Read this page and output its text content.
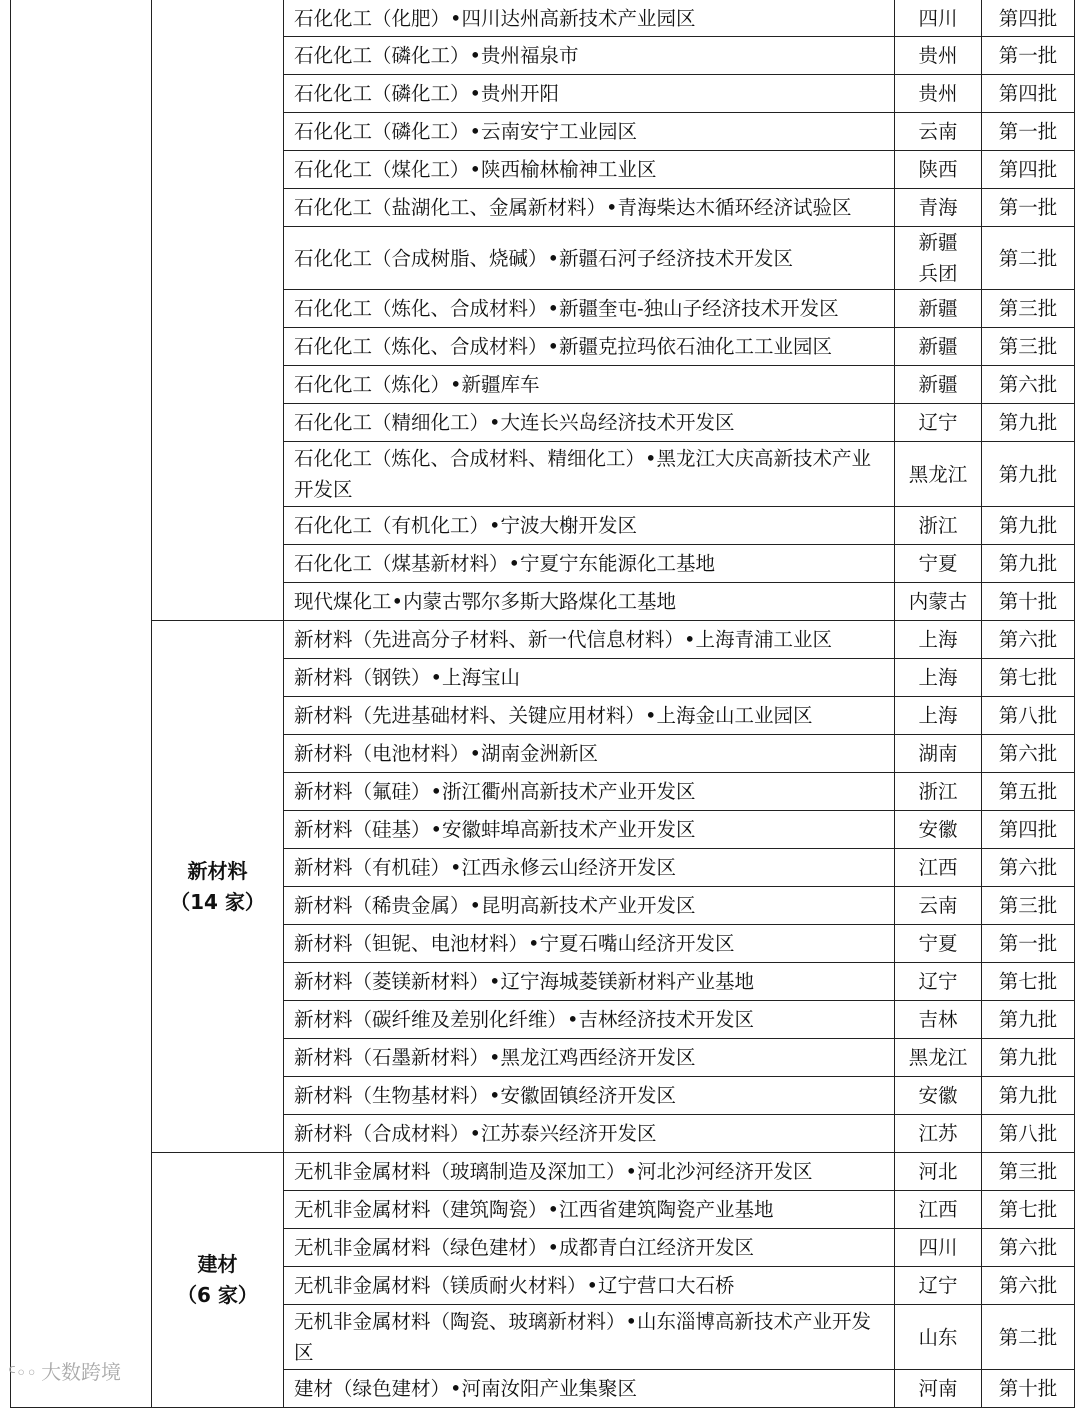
		石化化工（化肥）•四川达州高新技术产业园区	四川	第四批
		石化化工（磷化工）•贵州福泉市	贵州	第一批
		石化化工（磷化工）•贵州开阳	贵州	第四批
		石化化工（磷化工）•云南安宁工业园区	云南	第一批
		石化化工（煤化工）•陕西榆林榆神工业区	陕西	第四批
		石化化工（盐湖化工、金属新材料）•青海柴达木循环经济试验区	青海	第一批
		石化化工（合成树脂、烧碱）•新疆石河子经济技术开发区	新疆兵团	第二批
		石化化工（炼化、合成材料）•新疆奎屯-独山子经济技术开发区	新疆	第三批
		石化化工（炼化、合成材料）•新疆克拉玛依石油化工工业园区	新疆	第三批
		石化化工（炼化）•新疆库车	新疆	第六批
		石化化工（精细化工）•大连长兴岛经济技术开发区	辽宁	第九批
		石化化工（炼化、合成材料、精细化工）•黑龙江大庆高新技术产业开发区	黑龙江	第九批
		石化化工（有机化工）•宁波大榭开发区	浙江	第九批
		石化化工（煤基新材料）•宁夏宁东能源化工基地	宁夏	第九批
		现代煤化工•内蒙古鄂尔多斯大路煤化工基地	内蒙古	第十批

	新材料
（14 家）	新材料（先进高分子材料、新一代信息材料）•上海青浦工业区	上海	第六批
		新材料（钢铁）•上海宝山	上海	第七批
		新材料（先进基础材料、关键应用材料）•上海金山工业园区	上海	第八批
		新材料（电池材料）•湖南金洲新区	湖南	第六批
		新材料（氟硅）•浙江衢州高新技术产业开发区	浙江	第五批
		新材料（硅基）•安徽蚌埠高新技术产业开发区	安徽	第四批
		新材料（有机硅）•江西永修云山经济开发区	江西	第六批
		新材料（稀贵金属）•昆明高新技术产业开发区	云南	第三批
		新材料（钽铌、电池材料）•宁夏石嘴山经济开发区	宁夏	第一批
		新材料（菱镁新材料）•辽宁海城菱镁新材料产业基地	辽宁	第七批
		新材料（碳纤维及差别化纤维）•吉林经济技术开发区	吉林	第九批
		新材料（石墨新材料）•黑龙江鸡西经济开发区	黑龙江	第九批
		新材料（生物基材料）•安徽固镇经济开发区	安徽	第九批
		新材料（合成材料）•江苏泰兴经济开发区	江苏	第八批

	建材
（6 家）	无机非金属材料（玻璃制造及深加工）•河北沙河经济开发区	河北	第三批
		无机非金属材料（建筑陶瓷）•江西省建筑陶瓷产业基地	江西	第七批
		无机非金属材料（绿色建材）•成都青白江经济开发区	四川	第六批
		无机非金属材料（镁质耐火材料）•辽宁营口大石桥	辽宁	第六批
		无机非金属材料（陶瓷、玻璃新材料）•山东淄博高新技术产业开发区	山东	第二批
		建材（绿色建材）•河南汝阳产业集聚区	河南	第十批
ᑦ◦◦ 大数跨境
